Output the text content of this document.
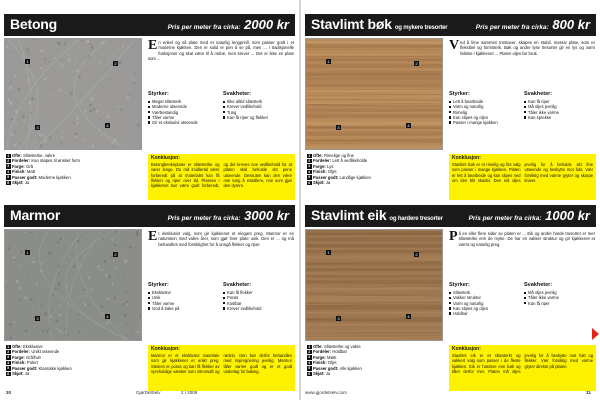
Betong	Pris per meter fra cirka: 2000 kr
1	2
3	4
En enkel og så plate med et naturlig lengpreill, som passer godt i et moderne kjøkken. Den er solid er pen å se på, men ... i tradisjonelle funksjoner og skal være til å ordne, men krever ... Det er ikke en plate som ...
Styrker:
Meget slitesterk
Moderne utseende
Værbestandig
Tåler varme
Gir et ekslusivt utseende
Svakheter:
Ikke alltid slitesterk
Krever vedlikehold
Tung
Kan få riper og flekker
1 Ofte: Slitesterke, vakre
2 Fordeler: Kan støpes til ønsket form
3 Farge: Grå
4 Finish: Matt
5 Passer godt: Moderne kjøkken
6 Skjøt: Ja
Konklusjon:
Betongbenkeplater er slitesterke og varer lenge. Du må imidlertid være forberedt på at materialet kan få flekker og riper over tid. Plassen i kjøkkenet bør være godt forberedt, og det kreves noe vedlikehold for at platen skal beholde sitt pene utseende. Dessuten kan den være noe tung å installere, noe som gjør den dyrere.
Stavlimt bøk og mykere tresorter	Pris per meter fra cirka: 800 kr
1	2
3	4
Ved å lime sammen trestaver, skapes en stabil, massiv plate, som er fleksibel og formsterk. Bøk og andre lyse tresorter gir en lys og varm følelse i kjøkkenet ... Platen oljes før bruk.
Styrker:
Lett å bearbeide
Varm og naturlig
Rimelig
Kan slipes og oljes
Passer i mange kjøkken
Svakheter:
Kan få riper
Må oljes jevnlig
Tåler ikke varme
Kan sprekke
1 Ofte: Rimelige og fine
2 Fordeler: Lett å vedlikeholde
3 Farge: Lys
4 Finish: Oljet
5 Passer godt: Landlige kjøkken
6 Skjøt: Ja
Konklusjon:
Stavlimt bøk er et rimelig og fint valg som passer i mange kjøkken. Platen er lett å bearbeide og kan slipes ned om den blir skadet. Den må oljes jevnlig for å beholde sitt fine utseende og beskytte mot fukt. Vær forsiktig med varme gryter og skarpe kniver.
Marmor	Pris per meter fra cirka: 3000 kr
1	2
3	4
Et eksklusivt valg, som gir kjøkkenet et elegant preg. Marmor er en naturstein med vakre årer, som gjør hver plate unik. Den er ... og må behandles med forsiktighet for å unngå flekker og riper.
Styrker:
Eksklusivt
Unik
Tåler varme
God å bake på
Svakheter:
Kan få flekker
Porøs
Kostbar
Krever vedlikehold
1 Ofte: Eksklusive
2 Fordeler: Unikt utseende
3 Farge: Grå/hvit
4 Finish: Polert
5 Passer godt: Klassiske kjøkken
6 Skjøt: Ja
Konklusjon:
Marmor er et eksklusivt materiale som gir kjøkkenet et unikt preg. Steinen er porøs og kan få flekker av syreholdige væsker som sitronsaft og rødvin. Den bør derfor behandles med impregnering jevnlig. Marmor tåler varme godt og er et godt underlag for baking.
Stavlimt eik og hardere tresorter	Pris per meter fra cirka: 1000 kr
1	2
3	4
På en eller flere sider av platen er ... Eik og andre harde tresorter er mer slitesterke enn de myke. De har en vakker struktur og gir kjøkkenet et varmt og naturlig preg.
Styrker:
Slitesterk
Vakker struktur
Varm og naturlig
Kan slipes og oljes
Holdbar
Svakheter:
Må oljes jevnlig
Tåler ikke varme
Kan få riper
1 Ofte: Slitesterke og vakre
2 Fordeler: Holdbar
3 Farge: Mørk
4 Finish: Oljet
5 Passer godt: Alle kjøkken
6 Skjøt: Ja
Konklusjon:
Stavlimt eik er et slitesterkt og vakkert valg som passer i de fleste kjøkken. Eik er hardere enn bøk og tåler derfor mer. Platen må oljes jevnlig for å beskytte mot fukt og flekker. Vær forsiktig med varme gryter direkte på platen.
30	GjørDetSelv	2 / 2009	www.gjordetselv.com	31
